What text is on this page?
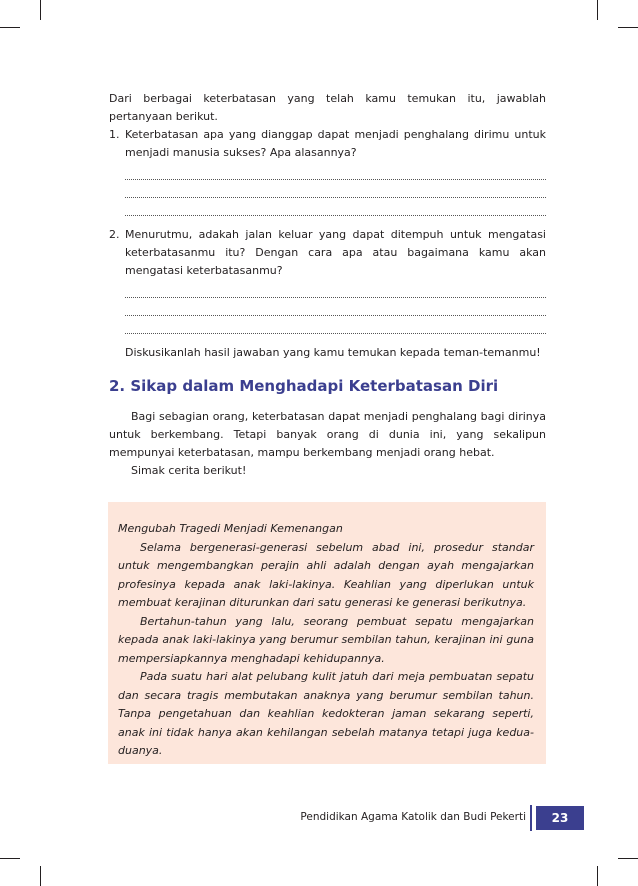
Dari berbagai keterbatasan yang telah kamu temukan itu, jawablah pertanyaan berikut.

1. Keterbatasan apa yang dianggap dapat menjadi penghalang dirimu untuk menjadi manusia sukses? Apa alasannya?
2. Menurutmu, adakah jalan keluar yang dapat ditempuh untuk mengatasi keterbatasanmu itu? Dengan cara apa atau bagaimana kamu akan mengatasi keterbatasanmu?

Diskusikanlah hasil jawaban yang kamu temukan kepada teman-temanmu!

2. Sikap dalam Menghadapi Keterbatasan Diri

Bagi sebagian orang, keterbatasan dapat menjadi penghalang bagi dirinya untuk berkembang. Tetapi banyak orang di dunia ini, yang sekalipun mempunyai keterbatasan, mampu berkembang menjadi orang hebat.

Simak cerita berikut!

Mengubah Tragedi Menjadi Kemenangan

Selama bergenerasi-generasi sebelum abad ini, prosedur standar untuk mengembangkan perajin ahli adalah dengan ayah mengajarkan profesinya kepada anak laki-lakinya. Keahlian yang diperlukan untuk membuat kerajinan diturunkan dari satu generasi ke generasi berikutnya.

Bertahun-tahun yang lalu, seorang pembuat sepatu mengajarkan kepada anak laki-lakinya yang berumur sembilan tahun, kerajinan ini guna mempersiapkannya menghadapi kehidupannya.

Pada suatu hari alat pelubang kulit jatuh dari meja pembuatan sepatu dan secara tragis membutakan anaknya yang berumur sembilan tahun. Tanpa pengetahuan dan keahlian kedokteran jaman sekarang seperti, anak ini tidak hanya akan kehilangan sebelah matanya tetapi juga kedua-duanya.

Pendidikan Agama Katolik dan Budi Pekerti	23
